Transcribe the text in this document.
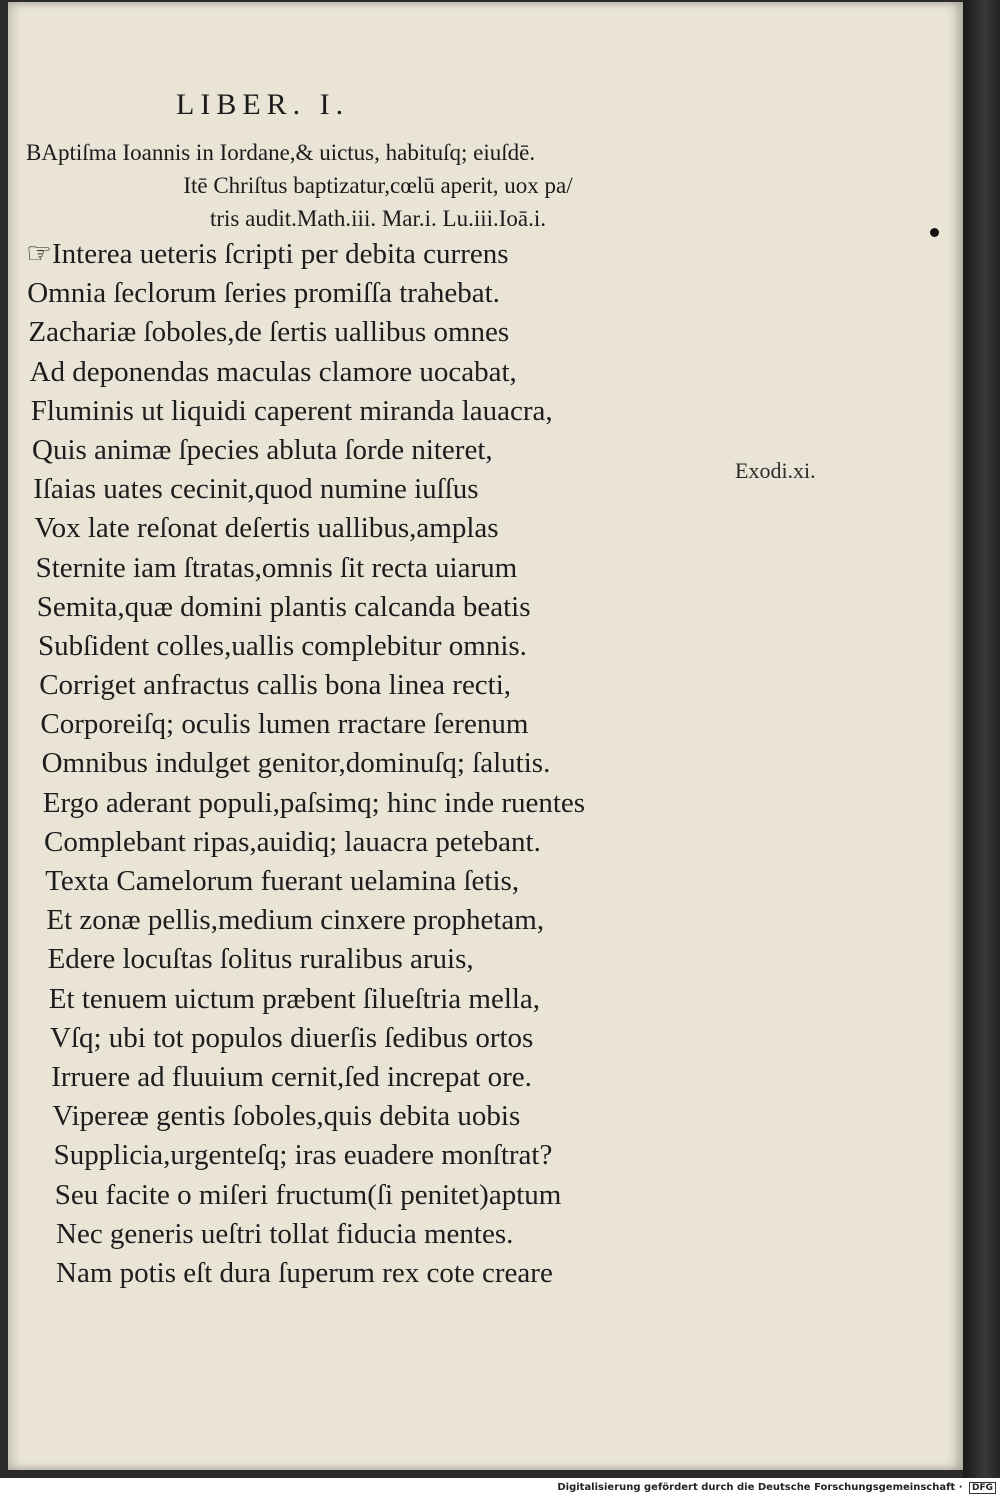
LIBER. I.
BAptiſma Ioannis in Iordane,& uictus, habituſq; eiuſdē.
Itē Chriſtus baptizatur,cœlū aperit, uox pa/
tris audit.Math.iii. Mar.i. Lu.iii.Ioā.i.
☞Interea ueteris ſcripti per debita currens
Omnia ſeclorum ſeries promiſſa trahebat.
Zachariæ ſoboles,de ſertis uallibus omnes
Ad deponendas maculas clamore uocabat,
Fluminis ut liquidi caperent miranda lauacra,
Quis animæ ſpecies abluta ſorde niteret,
Iſaias uates cecinit,quod numine iuſſus
Vox late reſonat deſertis uallibus,amplas
Sternite iam ſtratas,omnis ſit recta uiarum
Semita,quæ domini plantis calcanda beatis
Subſident colles,uallis complebitur omnis.
Corriget anfractus callis bona linea recti,
Corporeiſq; oculis lumen rractare ſerenum
Omnibus indulget genitor,dominuſq; ſalutis.
Ergo aderant populi,paſsimq; hinc inde ruentes
Complebant ripas,auidiq; lauacra petebant.
Texta Camelorum fuerant uelamina ſetis,
Et zonæ pellis,medium cinxere prophetam,
Edere locuſtas ſolitus ruralibus aruis,
Et tenuem uictum præbent ſilueſtria mella,
Vſq; ubi tot populos diuerſis ſedibus ortos
Irruere ad fluuium cernit,ſed increpat ore.
Vipereæ gentis ſoboles,quis debita uobis
Supplicia,urgenteſq; iras euadere monſtrat?
Seu facite o miſeri fructum(ſi penitet)aptum
Nec generis ueſtri tollat fiducia mentes.
Nam potis eſt dura ſuperum rex cote creare
Exodi.xi.
Digitalisierung gefördert durch die Deutsche Forschungsgemeinschaft · DFG
